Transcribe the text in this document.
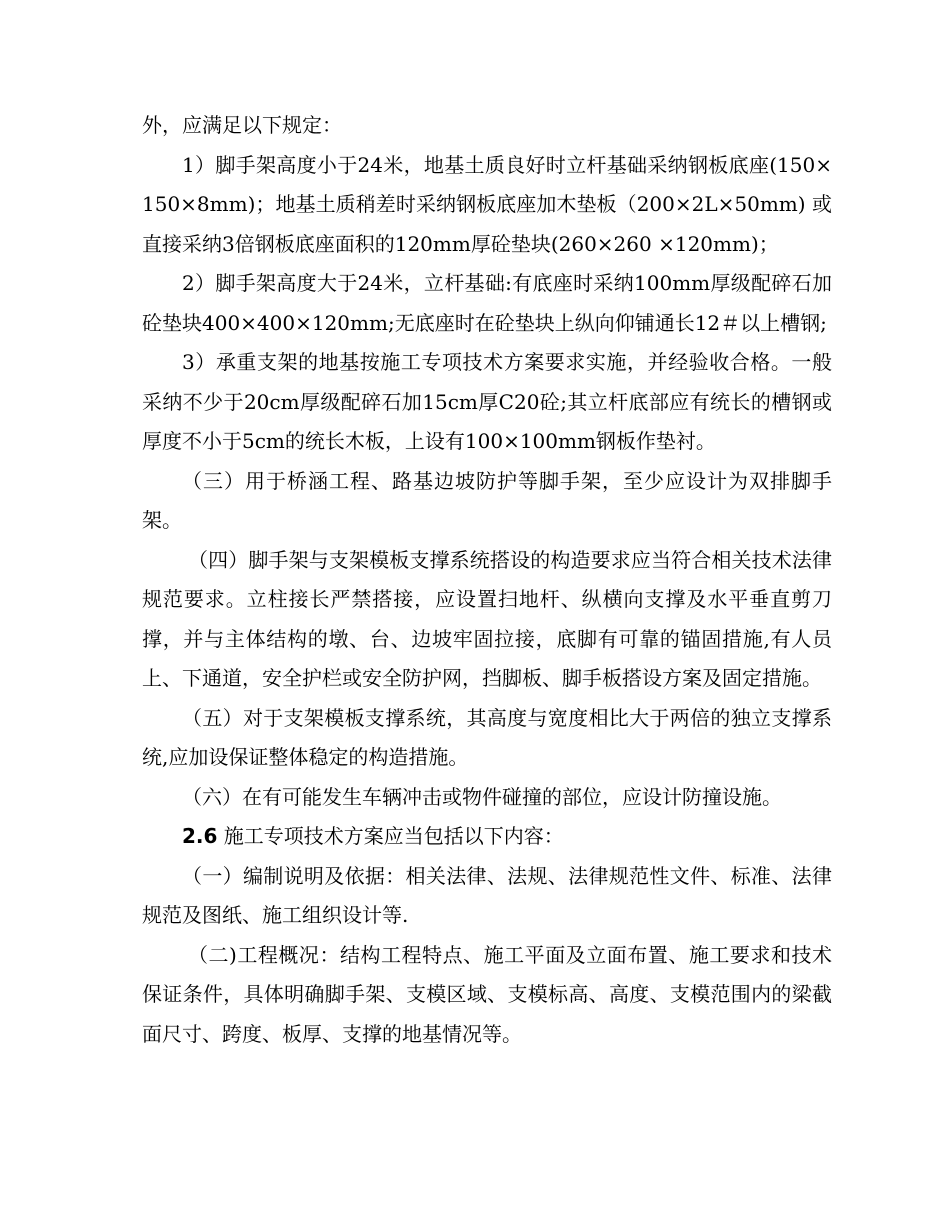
外，应满足以下规定：

1）脚手架高度小于24米，地基土质良好时立杆基础采纳钢板底座(150×150×8mm)；地基土质稍差时采纳钢板底座加木垫板（200×2L×50mm) 或直接采纳3倍钢板底座面积的120mm厚砼垫块(260×260 ×120mm)；

2）脚手架高度大于24米，立杆基础:有底座时采纳100mm厚级配碎石加砼垫块400×400×120mm;无底座时在砼垫块上纵向仰铺通长12＃以上槽钢;

3）承重支架的地基按施工专项技术方案要求实施，并经验收合格。一般采纳不少于20cm厚级配碎石加15cm厚C20砼;其立杆底部应有统长的槽钢或厚度不小于5cm的统长木板，上设有100×100mm钢板作垫衬。

（三）用于桥涵工程、路基边坡防护等脚手架，至少应设计为双排脚手架。

（四）脚手架与支架模板支撑系统搭设的构造要求应当符合相关技术法律规范要求。立柱接长严禁搭接，应设置扫地杆、纵横向支撑及水平垂直剪刀撑，并与主体结构的墩、台、边坡牢固拉接，底脚有可靠的锚固措施,有人员上、下通道，安全护栏或安全防护网，挡脚板、脚手板搭设方案及固定措施。

（五）对于支架模板支撑系统，其高度与宽度相比大于两倍的独立支撑系统,应加设保证整体稳定的构造措施。

（六）在有可能发生车辆冲击或物件碰撞的部位，应设计防撞设施。

2.6 施工专项技术方案应当包括以下内容：

（一）编制说明及依据：相关法律、法规、法律规范性文件、标准、法律规范及图纸、施工组织设计等.

（二)工程概况：结构工程特点、施工平面及立面布置、施工要求和技术保证条件，具体明确脚手架、支模区域、支模标高、高度、支模范围内的梁截面尺寸、跨度、板厚、支撑的地基情况等。
